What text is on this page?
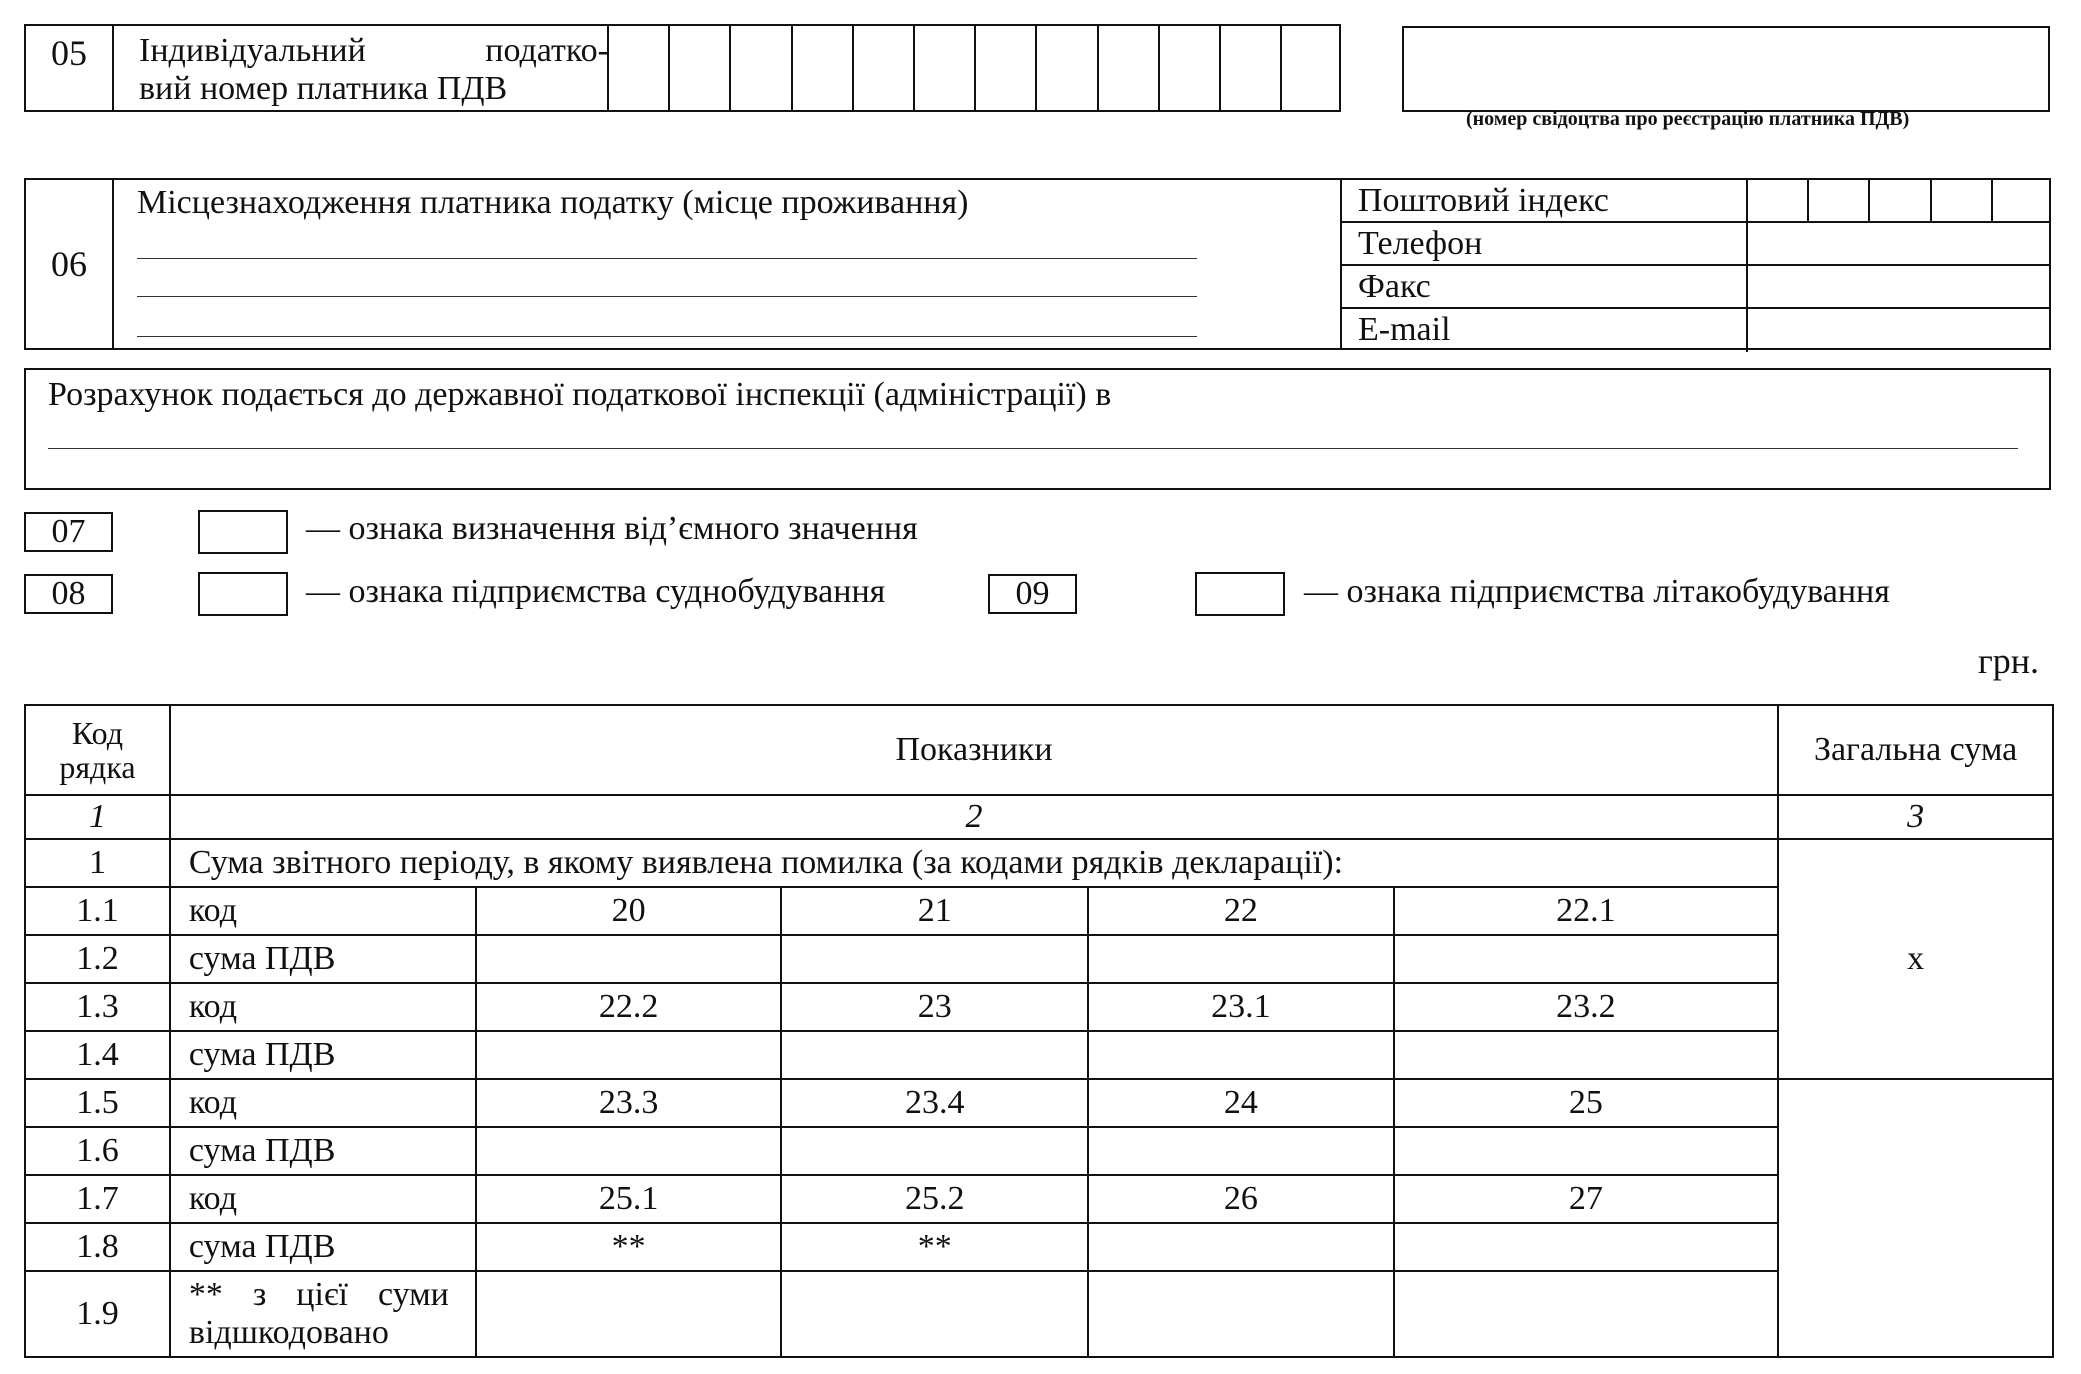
05	Індивідуальний податко-
вий номер платника ПДВ
(номер свідоцтва про реєстрацію платника ПДВ)
06
Місцезнаходження платника податку (місце проживання)	Поштовий індекс
Телефон
Факс
E-mail
Розрахунок подається до державної податкової інспекції (адміністрації) в
07	— ознака визначення від’ємного значення
08	— ознака підприємства суднобудування	09	— ознака підприємства літакобудування
грн.
Код
рядка	Показники					Загальна сума
1	2					3
1	Сума звітного періоду, в якому виявлена помилка (за кодами рядків декларації):					х
1.1	код	20	21	22	22.1	
1.2	сума ПДВ					
1.3	код	22.2	23	23.1	23.2	
1.4	сума ПДВ					
1.5	код	23.3	23.4	24	25	
1.6	сума ПДВ					
1.7	код	25.1	25.2	26	27	
1.8	сума ПДВ	**	**			
1.9	** з цієї суми
відшкодовано					
